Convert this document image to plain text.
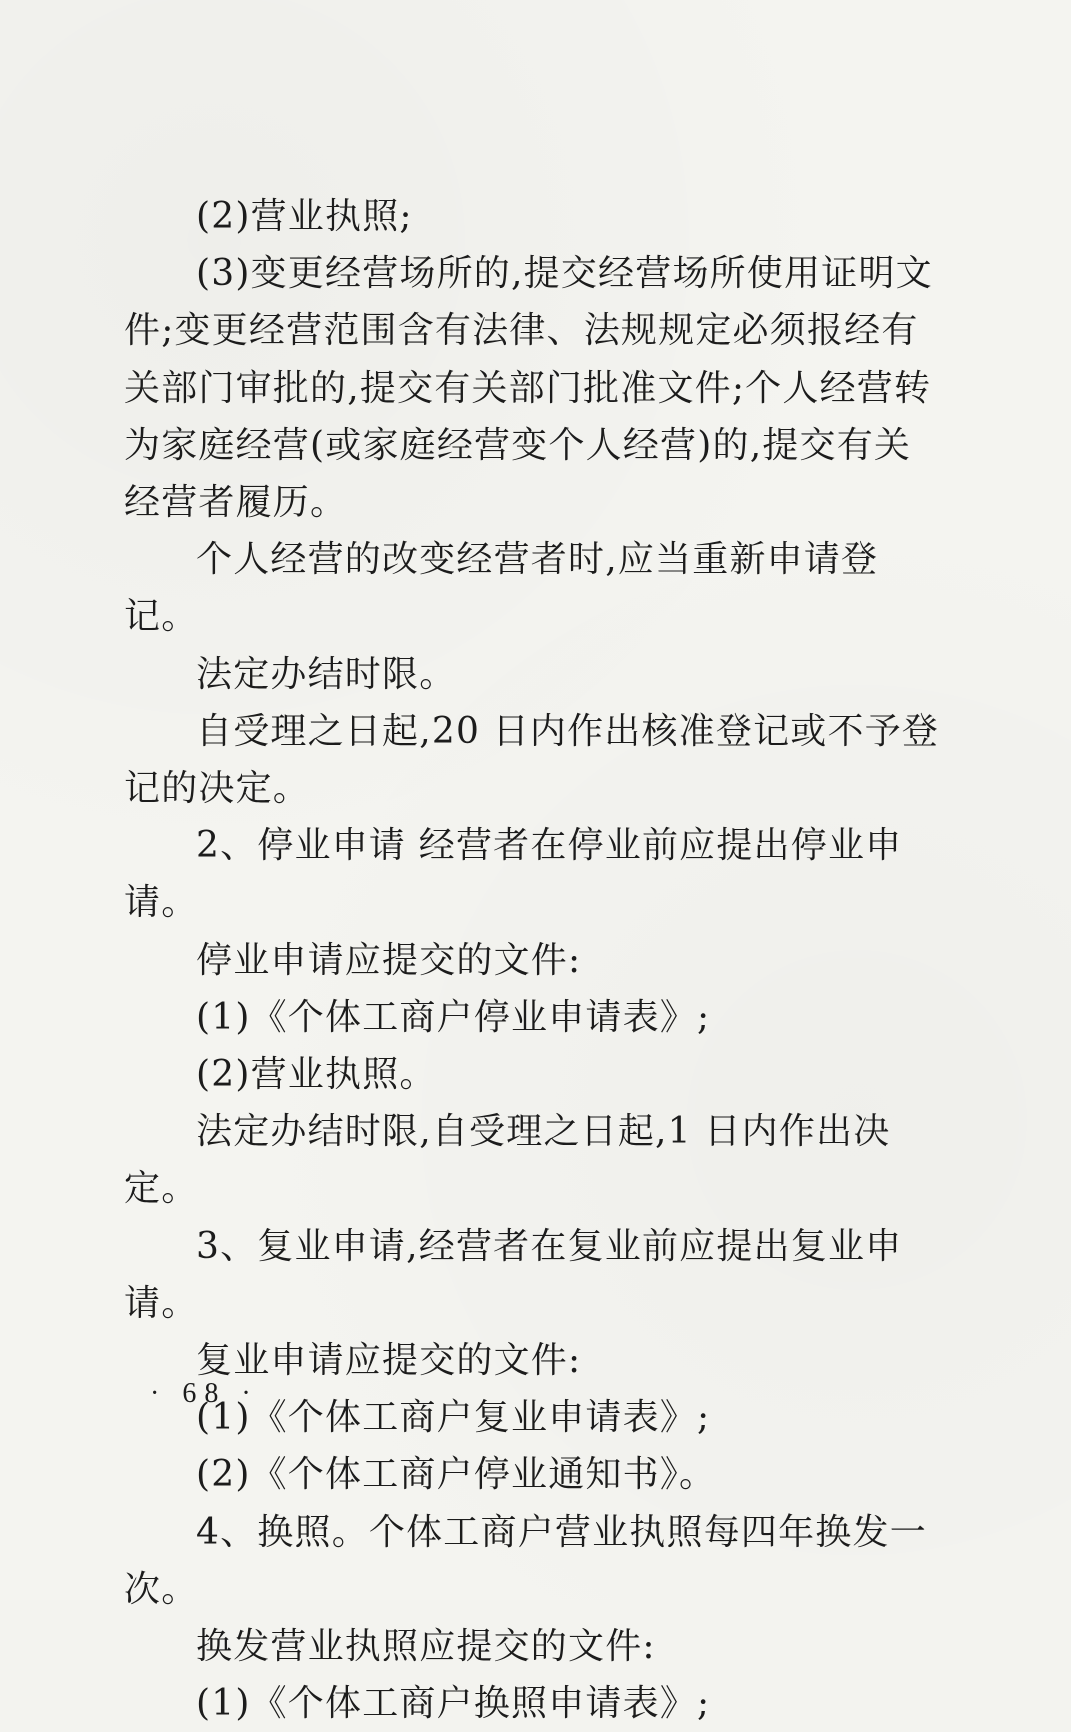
(2)营业执照;

(3)变更经营场所的,提交经营场所使用证明文件;变更经营范围含有法律、法规规定必须报经有关部门审批的,提交有关部门批准文件;个人经营转为家庭经营(或家庭经营变个人经营)的,提交有关经营者履历。

个人经营的改变经营者时,应当重新申请登记。

法定办结时限。

自受理之日起,20 日内作出核准登记或不予登记的决定。

2、停业申请 经营者在停业前应提出停业申请。

停业申请应提交的文件:

(1)《个体工商户停业申请表》;

(2)营业执照。

法定办结时限,自受理之日起,1 日内作出决定。

3、复业申请,经营者在复业前应提出复业申请。

复业申请应提交的文件:

(1)《个体工商户复业申请表》;

(2)《个体工商户停业通知书》。

4、换照。个体工商户营业执照每四年换发一次。

换发营业执照应提交的文件:

(1)《个体工商户换照申请表》;

· 68 ·
